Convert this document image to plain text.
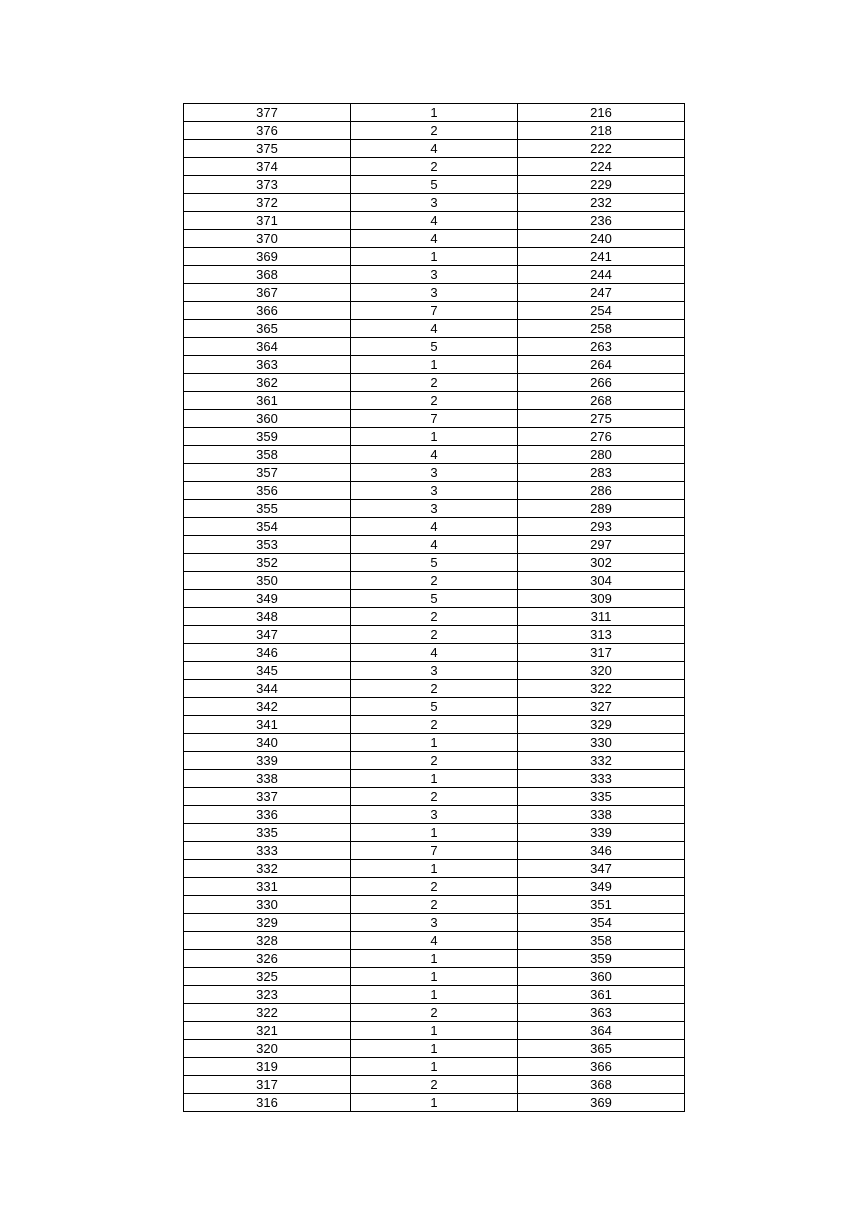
377	1	216
376	2	218
375	4	222
374	2	224
373	5	229
372	3	232
371	4	236
370	4	240
369	1	241
368	3	244
367	3	247
366	7	254
365	4	258
364	5	263
363	1	264
362	2	266
361	2	268
360	7	275
359	1	276
358	4	280
357	3	283
356	3	286
355	3	289
354	4	293
353	4	297
352	5	302
350	2	304
349	5	309
348	2	311
347	2	313
346	4	317
345	3	320
344	2	322
342	5	327
341	2	329
340	1	330
339	2	332
338	1	333
337	2	335
336	3	338
335	1	339
333	7	346
332	1	347
331	2	349
330	2	351
329	3	354
328	4	358
326	1	359
325	1	360
323	1	361
322	2	363
321	1	364
320	1	365
319	1	366
317	2	368
316	1	369
